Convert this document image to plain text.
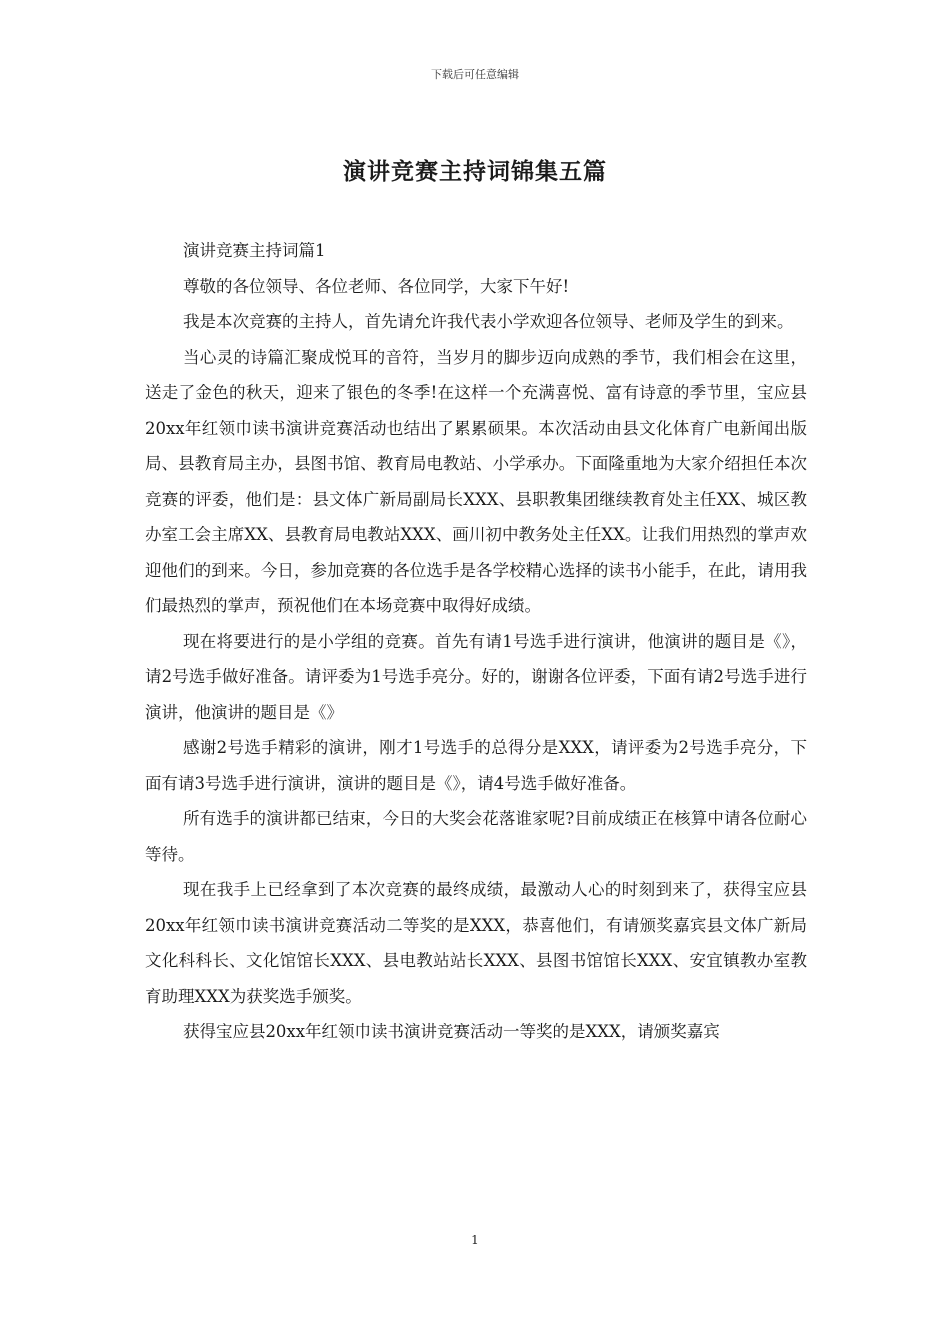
下载后可任意编辑
演讲竞赛主持词锦集五篇

演讲竞赛主持词篇1

尊敬的各位领导、各位老师、各位同学，大家下午好!

我是本次竞赛的主持人，首先请允许我代表小学欢迎各位领导、老师及学生的到来。

当心灵的诗篇汇聚成悦耳的音符，当岁月的脚步迈向成熟的季节，我们相会在这里，送走了金色的秋天，迎来了银色的冬季!在这样一个充满喜悦、富有诗意的季节里，宝应县20xx年红领巾读书演讲竞赛活动也结出了累累硕果。本次活动由县文化体育广电新闻出版局、县教育局主办，县图书馆、教育局电教站、小学承办。下面隆重地为大家介绍担任本次竞赛的评委，他们是：县文体广新局副局长XXX、县职教集团继续教育处主任XX、城区教办室工会主席XX、县教育局电教站XXX、画川初中教务处主任XX。让我们用热烈的掌声欢迎他们的到来。今日，参加竞赛的各位选手是各学校精心选择的读书小能手，在此，请用我们最热烈的掌声，预祝他们在本场竞赛中取得好成绩。

现在将要进行的是小学组的竞赛。首先有请1号选手进行演讲，他演讲的题目是《》，请2号选手做好准备。请评委为1号选手亮分。好的，谢谢各位评委，下面有请2号选手进行演讲，他演讲的题目是《》

感谢2号选手精彩的演讲，刚才1号选手的总得分是XXX，请评委为2号选手亮分，下面有请3号选手进行演讲，演讲的题目是《》，请4号选手做好准备。

所有选手的演讲都已结束，今日的大奖会花落谁家呢?目前成绩正在核算中请各位耐心等待。

现在我手上已经拿到了本次竞赛的最终成绩，最激动人心的时刻到来了，获得宝应县20xx年红领巾读书演讲竞赛活动二等奖的是XXX，恭喜他们，有请颁奖嘉宾县文体广新局文化科科长、文化馆馆长XXX、县电教站站长XXX、县图书馆馆长XXX、安宜镇教办室教育助理XXX为获奖选手颁奖。

获得宝应县20xx年红领巾读书演讲竞赛活动一等奖的是XXX，请颁奖嘉宾

1
